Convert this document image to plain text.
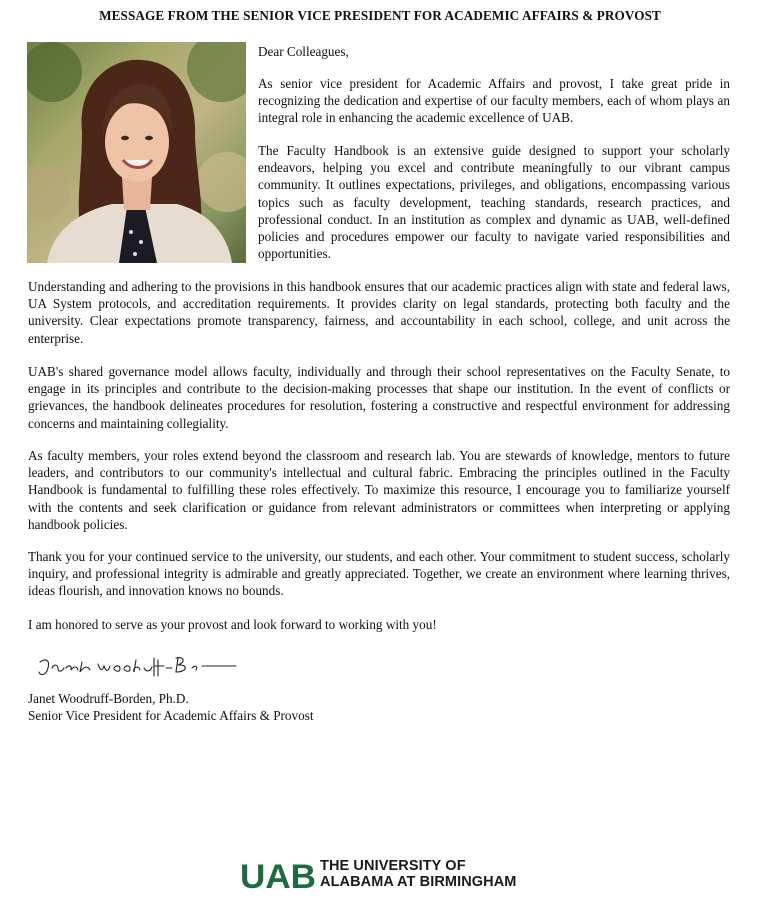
MESSAGE FROM THE SENIOR VICE PRESIDENT FOR ACADEMIC AFFAIRS & PROVOST

Dear Colleagues,

As senior vice president for Academic Affairs and provost, I take great pride in recognizing the dedication and expertise of our faculty members, each of whom plays an integral role in enhancing the academic excellence of UAB.

The Faculty Handbook is an extensive guide designed to support your scholarly endeavors, helping you excel and contribute meaningfully to our vibrant campus community. It outlines expectations, privileges, and obligations, encompassing various topics such as faculty development, teaching standards, research practices, and professional conduct. In an institution as complex and dynamic as UAB, well-defined policies and procedures empower our faculty to navigate varied responsibilities and opportunities.

Understanding and adhering to the provisions in this handbook ensures that our academic practices align with state and federal laws, UA System protocols, and accreditation requirements. It provides clarity on legal standards, protecting both faculty and the university. Clear expectations promote transparency, fairness, and accountability in each school, college, and unit across the enterprise.

UAB's shared governance model allows faculty, individually and through their school representatives on the Faculty Senate, to engage in its principles and contribute to the decision-making processes that shape our institution. In the event of conflicts or grievances, the handbook delineates procedures for resolution, fostering a constructive and respectful environment for addressing concerns and maintaining collegiality.

As faculty members, your roles extend beyond the classroom and research lab. You are stewards of knowledge, mentors to future leaders, and contributors to our community's intellectual and cultural fabric. Embracing the principles outlined in the Faculty Handbook is fundamental to fulfilling these roles effectively. To maximize this resource, I encourage you to familiarize yourself with the contents and seek clarification or guidance from relevant administrators or committees when interpreting or applying handbook policies.

Thank you for your continued service to the university, our students, and each other. Your commitment to student success, scholarly inquiry, and professional integrity is admirable and greatly appreciated. Together, we create an environment where learning thrives, ideas flourish, and innovation knows no bounds.

I am honored to serve as your provost and look forward to working with you!

Janet Woodruff-Borden, Ph.D.
Senior Vice President for Academic Affairs & Provost
UAB THE UNIVERSITY OF
ALABAMA AT BIRMINGHAM
